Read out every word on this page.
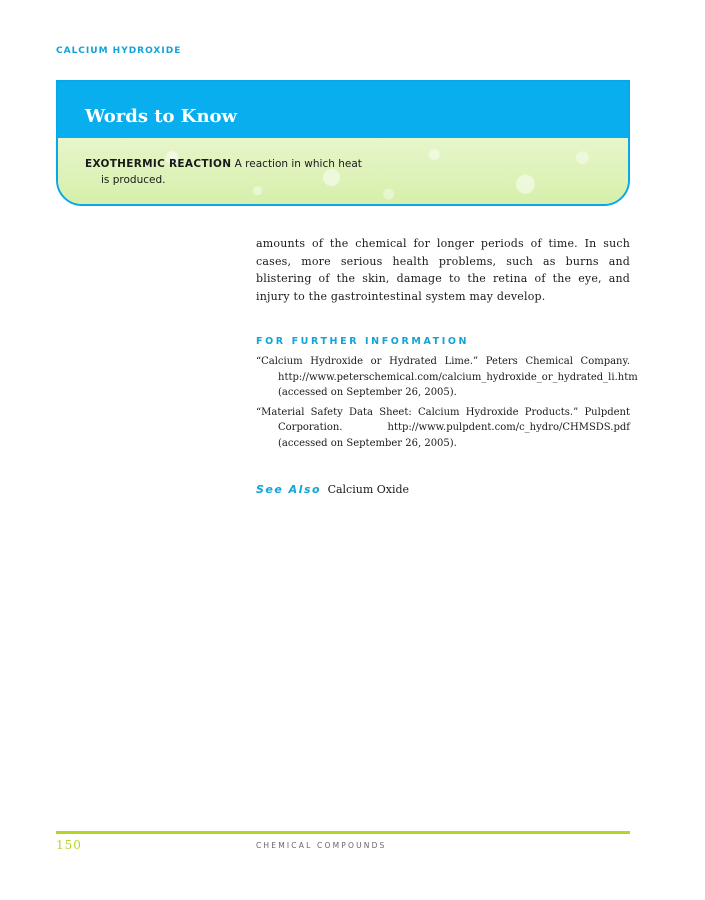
CALCIUM HYDROXIDE
Words to Know
EXOTHERMIC REACTION A reaction in which heat is produced.

amounts of the chemical for longer periods of time. In such cases, more serious health problems, such as burns and blistering of the skin, damage to the retina of the eye, and injury to the gastrointestinal system may develop.

FOR FURTHER INFORMATION

“Calcium Hydroxide or Hydrated Lime.” Peters Chemical Company. http://www.peterschemical.com/calcium_hydroxide_or_hydrated_li.htm (accessed on September 26, 2005).

“Material Safety Data Sheet: Calcium Hydroxide Products.” Pulpdent Corporation. http://www.pulpdent.com/c_hydro/CHMSDS.pdf (accessed on September 26, 2005).

See Also Calcium Oxide
150	CHEMICAL COMPOUNDS
